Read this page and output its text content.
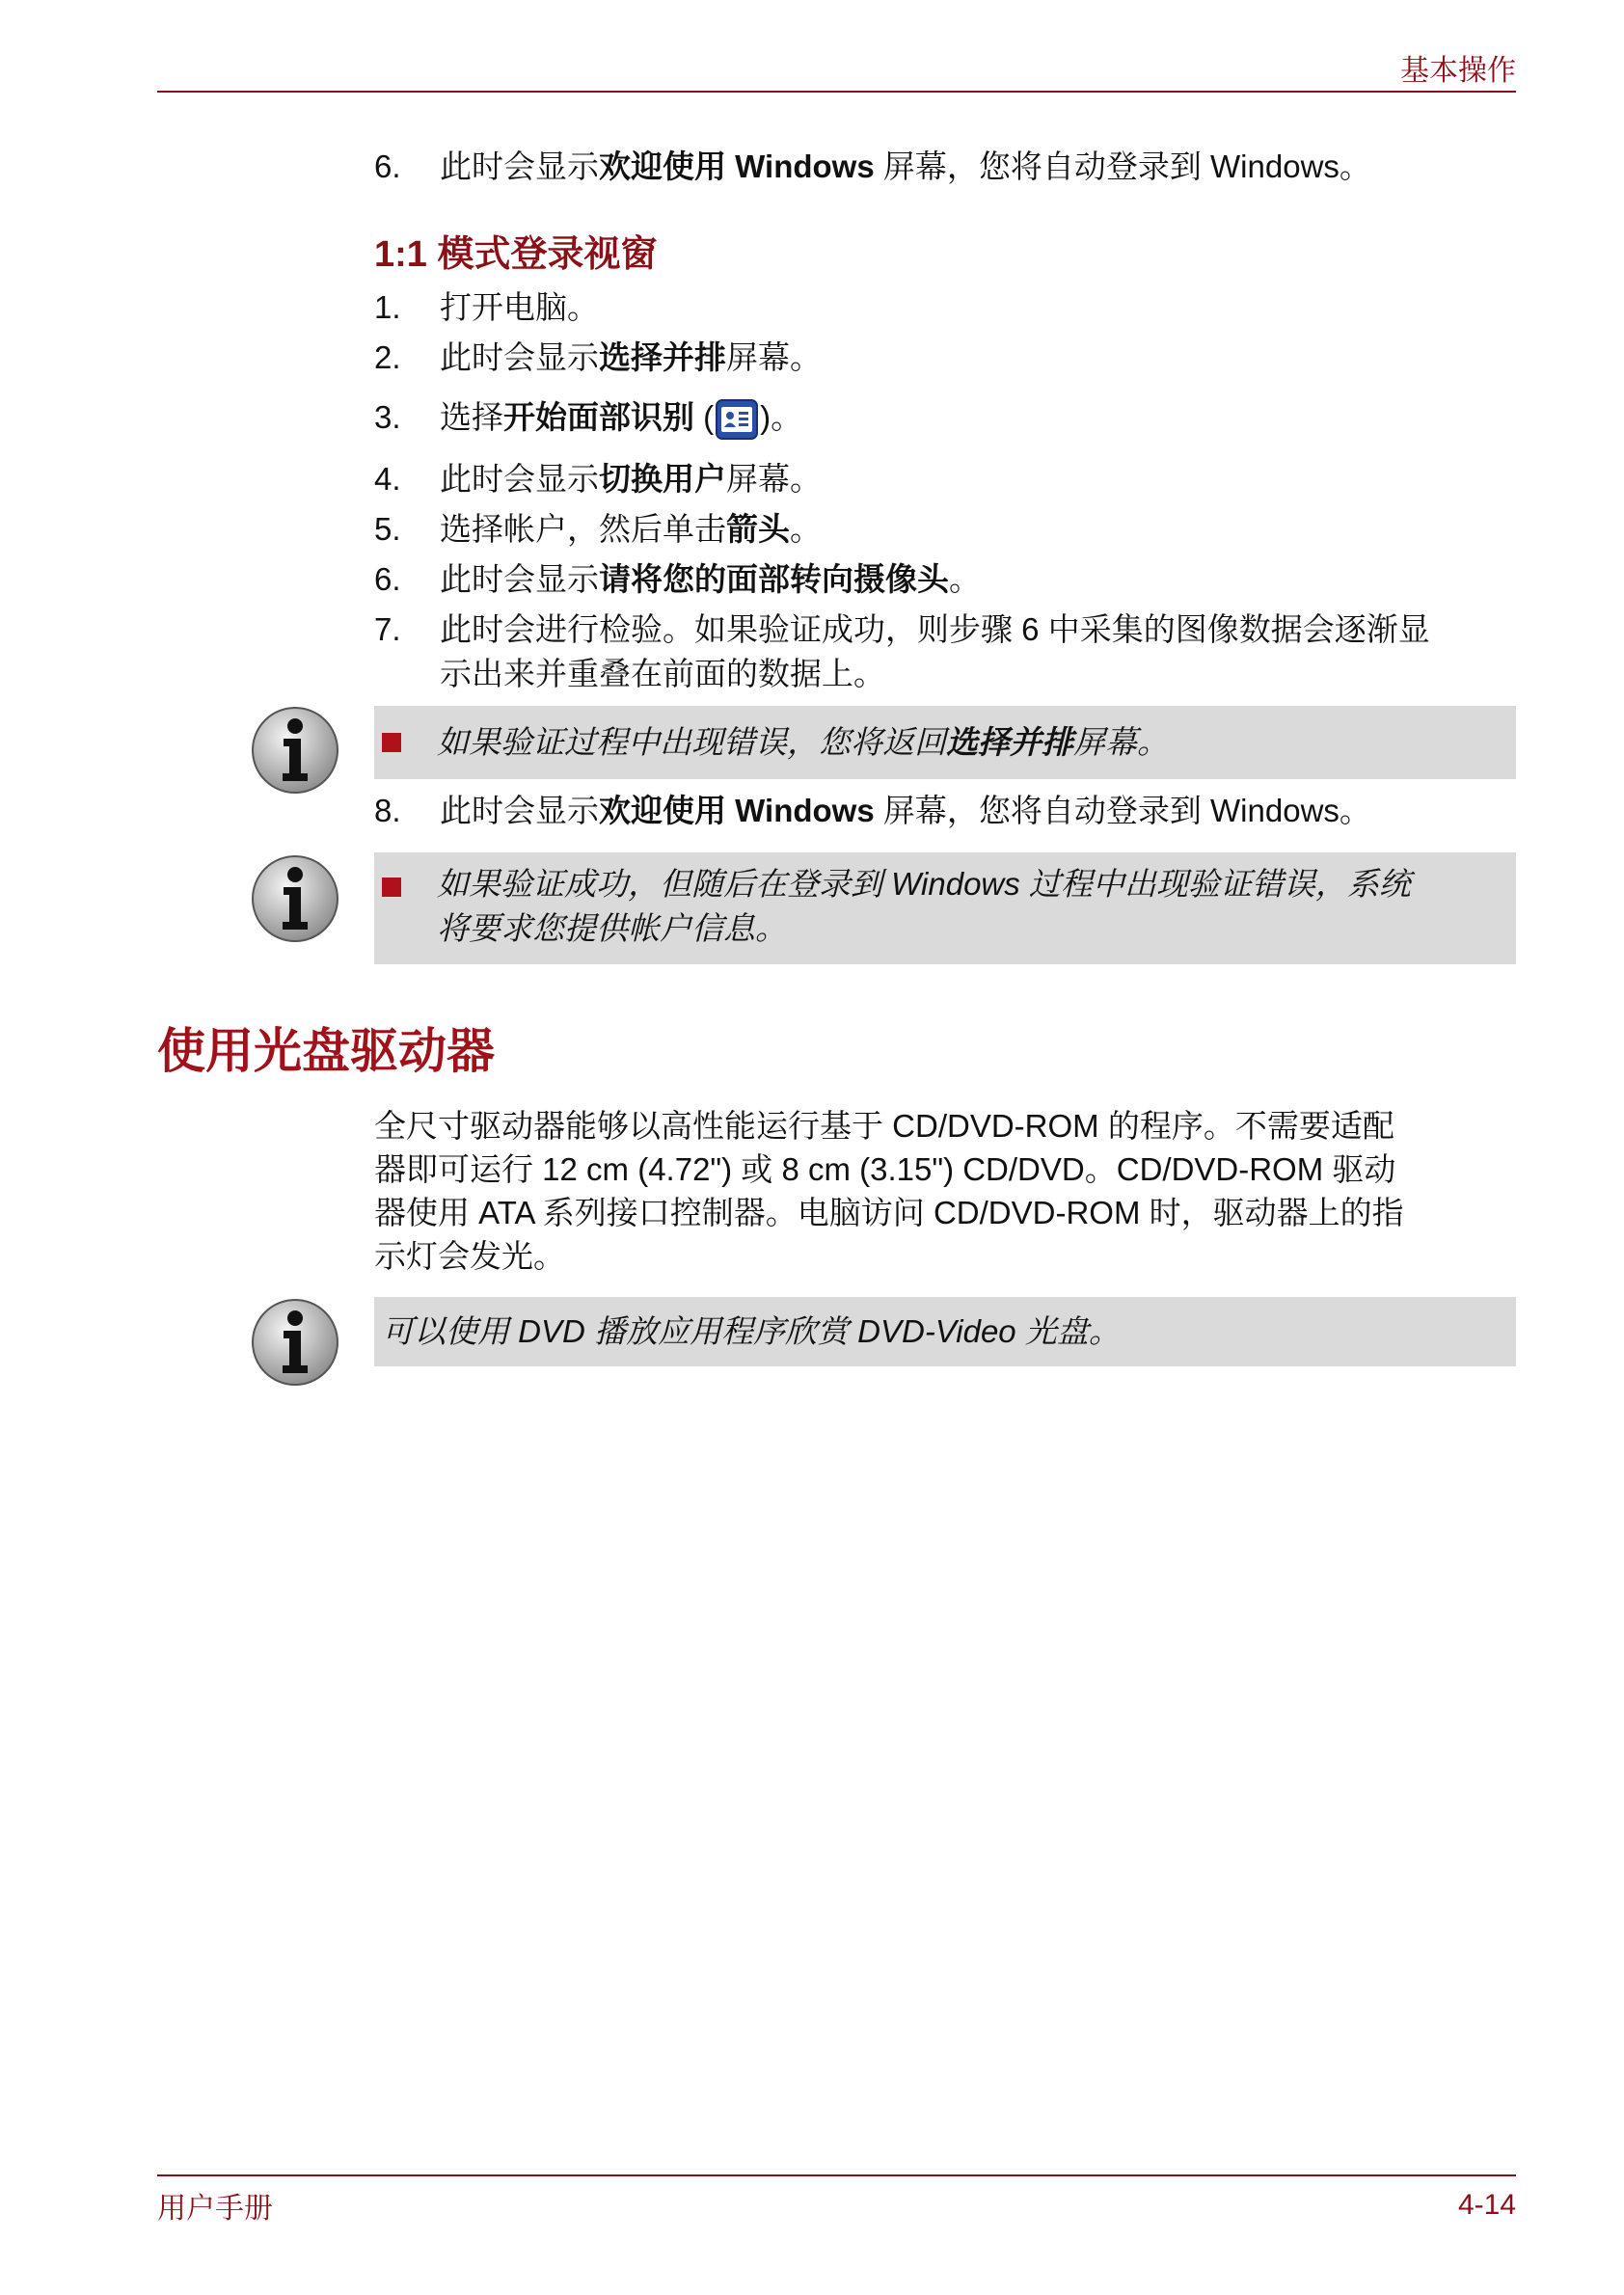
基本操作
6.	此时会显示欢迎使用 Windows 屏幕，您将自动登录到 Windows。
1:1 模式登录视窗
1.	打开电脑。
2.	此时会显示选择并排屏幕。
3.	选择开始面部识别 ( )。
4.	此时会显示切换用户屏幕。
5.	选择帐户，然后单击箭头。
6.	此时会显示请将您的面部转向摄像头。
7.	此时会进行检验。如果验证成功，则步骤 6 中采集的图像数据会逐渐显
示出来并重叠在前面的数据上。
如果验证过程中出现错误，您将返回选择并排屏幕。
8.	此时会显示欢迎使用 Windows 屏幕，您将自动登录到 Windows。
如果验证成功，但随后在登录到 Windows 过程中出现验证错误，系统
将要求您提供帐户信息。
使用光盘驱动器
全尺寸驱动器能够以高性能运行基于 CD/DVD-ROM 的程序。不需要适配
器即可运行 12 cm (4.72") 或 8 cm (3.15") CD/DVD。CD/DVD-ROM 驱动
器使用 ATA 系列接口控制器。电脑访问 CD/DVD-ROM 时，驱动器上的指
示灯会发光。
可以使用 DVD 播放应用程序欣赏 DVD-Video 光盘。
用户手册	4-14
